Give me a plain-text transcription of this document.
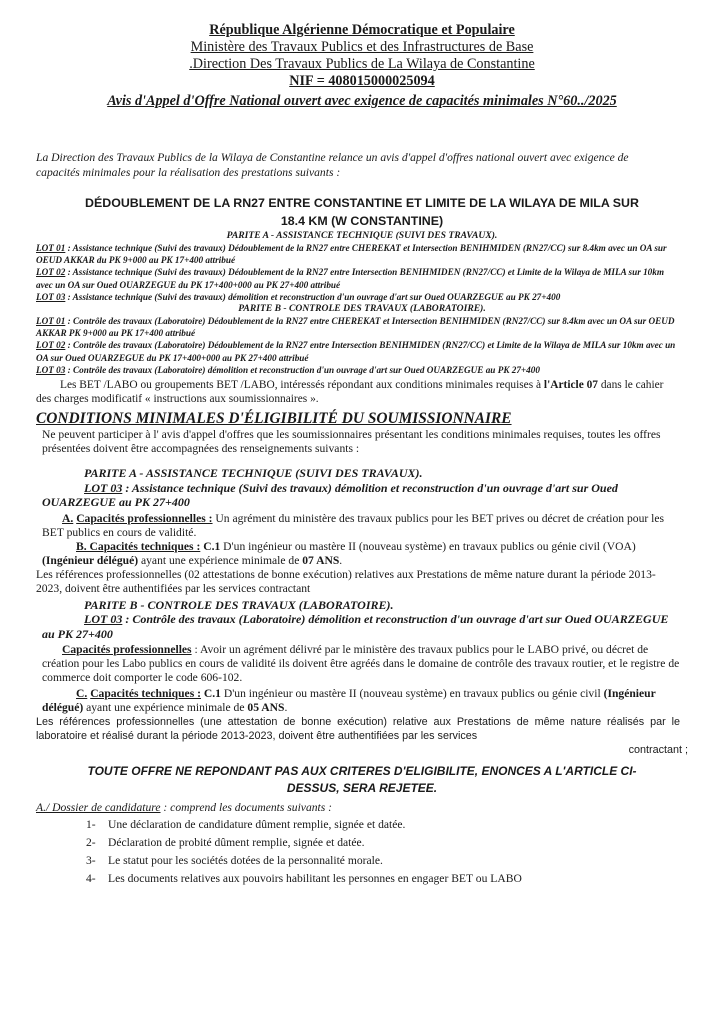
République Algérienne Démocratique et Populaire
Ministère des Travaux Publics et des Infrastructures de Base
.Direction Des Travaux Publics de La Wilaya de Constantine
NIF = 408015000025094
Avis d'Appel d'Offre National ouvert avec exigence de capacités minimales N°60../2025
La Direction des Travaux Publics de la Wilaya de Constantine relance un avis d'appel d'offres national ouvert avec exigence de capacités minimales pour la réalisation des prestations suivants :
DÉDOUBLEMENT DE LA RN27 ENTRE CONSTANTINE ET LIMITE DE LA WILAYA DE MILA SUR
18.4 KM (W CONSTANTINE)
PARITE A - ASSISTANCE TECHNIQUE (SUIVI DES TRAVAUX).
LOT 01 : Assistance technique (Suivi des travaux) Dédoublement de la RN27 entre CHEREKAT et Intersection BENIHMIDEN (RN27/CC) sur 8.4km avec un OA sur OEUD AKKAR du PK 9+000 au PK 17+400 attribué
LOT 02 : Assistance technique (Suivi des travaux) Dédoublement de la RN27 entre Intersection BENIHMIDEN (RN27/CC) et Limite de la Wilaya de MILA sur 10km avec un OA sur Oued OUARZEGUE du PK 17+400+000 au PK 27+400 attribué
LOT 03 : Assistance technique (Suivi des travaux) démolition et reconstruction d'un ouvrage d'art sur Oued OUARZEGUE au PK 27+400
PARITE B - CONTROLE DES TRAVAUX (LABORATOIRE).
LOT 01 : Contrôle des travaux (Laboratoire) Dédoublement de la RN27 entre CHEREKAT et Intersection BENIHMIDEN (RN27/CC) sur 8.4km avec un OA sur OEUD AKKAR PK 9+000 au PK 17+400 attribué
LOT 02 : Contrôle des travaux (Laboratoire) Dédoublement de la RN27 entre Intersection BENIHMIDEN (RN27/CC) et Limite de la Wilaya de MILA sur 10km avec un OA sur Oued OUARZEGUE du PK 17+400+000 au PK 27+400 attribué
LOT 03 : Contrôle des travaux (Laboratoire) démolition et reconstruction d'un ouvrage d'art sur Oued OUARZEGUE au PK 27+400
Les BET /LABO ou groupements BET /LABO, intéressés répondant aux conditions minimales requises à l'Article 07 dans le cahier des charges modificatif « instructions aux soumissionnaires ».
CONDITIONS MINIMALES D'ÉLIGIBILITÉ DU SOUMISSIONNAIRE
Ne peuvent participer à l' avis d'appel d'offres que les soumissionnaires présentant les conditions minimales requises, toutes les offres présentées doivent être accompagnées des renseignements suivants :
PARITE A - ASSISTANCE TECHNIQUE (SUIVI DES TRAVAUX).
LOT 03 : Assistance technique (Suivi des travaux) démolition et reconstruction d'un ouvrage d'art sur Oued OUARZEGUE au PK 27+400
A. Capacités professionnelles : Un agrément du ministère des travaux publics pour les BET prives ou décret de création pour les BET publics en cours de validité.
B. Capacités techniques : C.1 D'un ingénieur ou mastère II (nouveau système) en travaux publics ou génie civil (VOA) (Ingénieur délégué) ayant une expérience minimale de 07 ANS.
Les références professionnelles (02 attestations de bonne exécution) relatives aux Prestations de même nature durant la période 2013-2023, doivent être authentifiées par les services contractant
PARITE B - CONTROLE DES TRAVAUX (LABORATOIRE).
LOT 03 : Contrôle des travaux (Laboratoire) démolition et reconstruction d'un ouvrage d'art sur Oued OUARZEGUE au PK 27+400
Capacités professionnelles : Avoir un agrément délivré par le ministère des travaux publics pour le LABO privé, ou décret de création pour les Labo publics en cours de validité ils doivent être agréés dans le domaine de contrôle des travaux routier, et le registre de commerce doit comporter le code 606-102.
C. Capacités techniques : C.1 D'un ingénieur ou mastère II (nouveau système) en travaux publics ou génie civil (Ingénieur délégué) ayant une expérience minimale de 05 ANS.
Les références professionnelles (une attestation de bonne exécution) relative aux Prestations de même nature réalisés par le laboratoire et réalisé durant la période 2013-2023, doivent être authentifiées par les services
contractant ;
TOUTE OFFRE NE REPONDANT PAS AUX CRITERES D'ELIGIBILITE, ENONCES A L'ARTICLE CI-
DESSUS, SERA REJETEE.
A./ Dossier de candidature : comprend les documents suivants :
1- Une déclaration de candidature dûment remplie, signée et datée.
2- Déclaration de probité dûment remplie, signée et datée.
3- Le statut pour les sociétés dotées de la personnalité morale.
4- Les documents relatives aux pouvoirs habilitant les personnes en engager BET ou LABO
